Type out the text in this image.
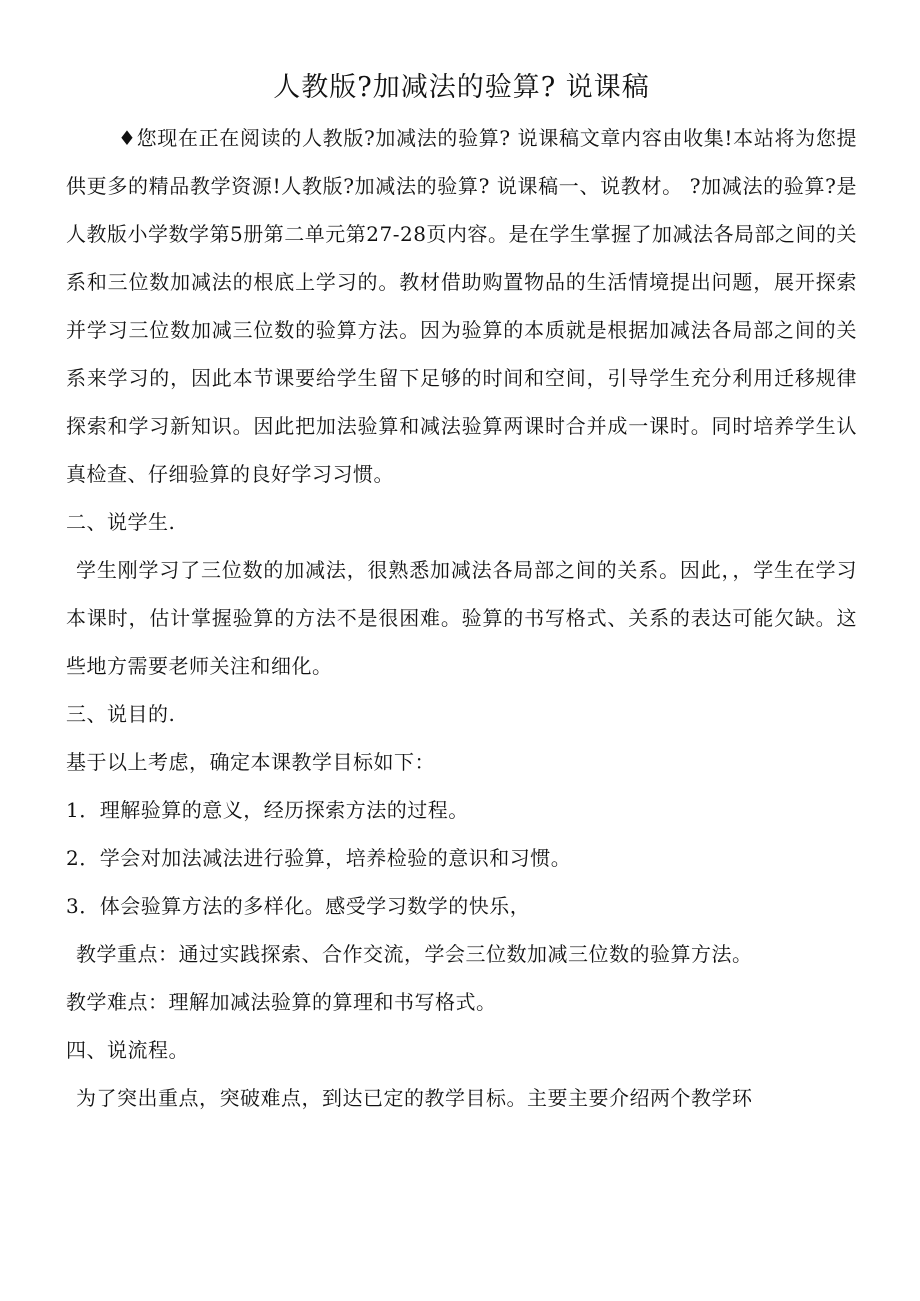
人教版?加减法的验算? 说课稿

♦您现在正在阅读的人教版?加减法的验算? 说课稿文章内容由收集!本站将为您提供更多的精品教学资源!人教版?加减法的验算? 说课稿一、说教材。 ?加减法的验算?是人教版小学数学第5册第二单元第27-28页内容。是在学生掌握了加减法各局部之间的关系和三位数加减法的根底上学习的。教材借助购置物品的生活情境提出问题，展开探索并学习三位数加减三位数的验算方法。因为验算的本质就是根据加减法各局部之间的关系来学习的，因此本节课要给学生留下足够的时间和空间，引导学生充分利用迁移规律探索和学习新知识。因此把加法验算和减法验算两课时合并成一课时。同时培养学生认真检查、仔细验算的良好学习习惯。

二、说学生.

学生刚学习了三位数的加减法，很熟悉加减法各局部之间的关系。因此，，学生在学习本课时，估计掌握验算的方法不是很困难。验算的书写格式、关系的表达可能欠缺。这些地方需要老师关注和细化。

三、说目的.

基于以上考虑，确定本课教学目标如下：

1．理解验算的意义，经历探索方法的过程。

2．学会对加法减法进行验算，培养检验的意识和习惯。

3．体会验算方法的多样化。感受学习数学的快乐，

教学重点：通过实践探索、合作交流，学会三位数加减三位数的验算方法。

教学难点：理解加减法验算的算理和书写格式。

四、说流程。

为了突出重点，突破难点，到达已定的教学目标。主要主要介绍两个教学环
